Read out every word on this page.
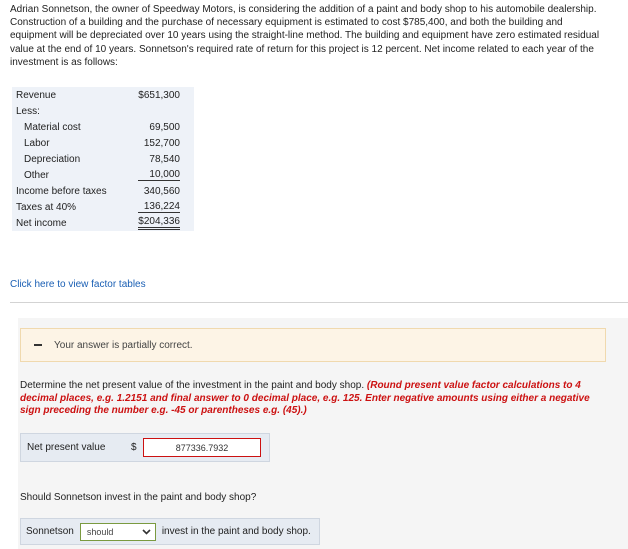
Adrian Sonnetson, the owner of Speedway Motors, is considering the addition of a paint and body shop to his automobile dealership. Construction of a building and the purchase of necessary equipment is estimated to cost $785,400, and both the building and equipment will be depreciated over 10 years using the straight-line method. The building and equipment have zero estimated residual value at the end of 10 years. Sonnetson's required rate of return for this project is 12 percent. Net income related to each year of the investment is as follows:

Revenue	$651,300
Less:	
Material cost	69,500
Labor	152,700
Depreciation	78,540
Other	10,000
Income before taxes	340,560
Taxes at 40%	136,224
Net income	$204,336
Click here to view factor tables
Your answer is partially correct.
Determine the net present value of the investment in the paint and body shop. (Round present value factor calculations to 4 decimal places, e.g. 1.2151 and final answer to 0 decimal place, e.g. 125. Enter negative amounts using either a negative sign preceding the number e.g. -45 or parentheses e.g. (45).)
Net present value	$
877336.7932
Should Sonnetson invest in the paint and body shop?
Sonnetson should	invest in the paint and body shop.
